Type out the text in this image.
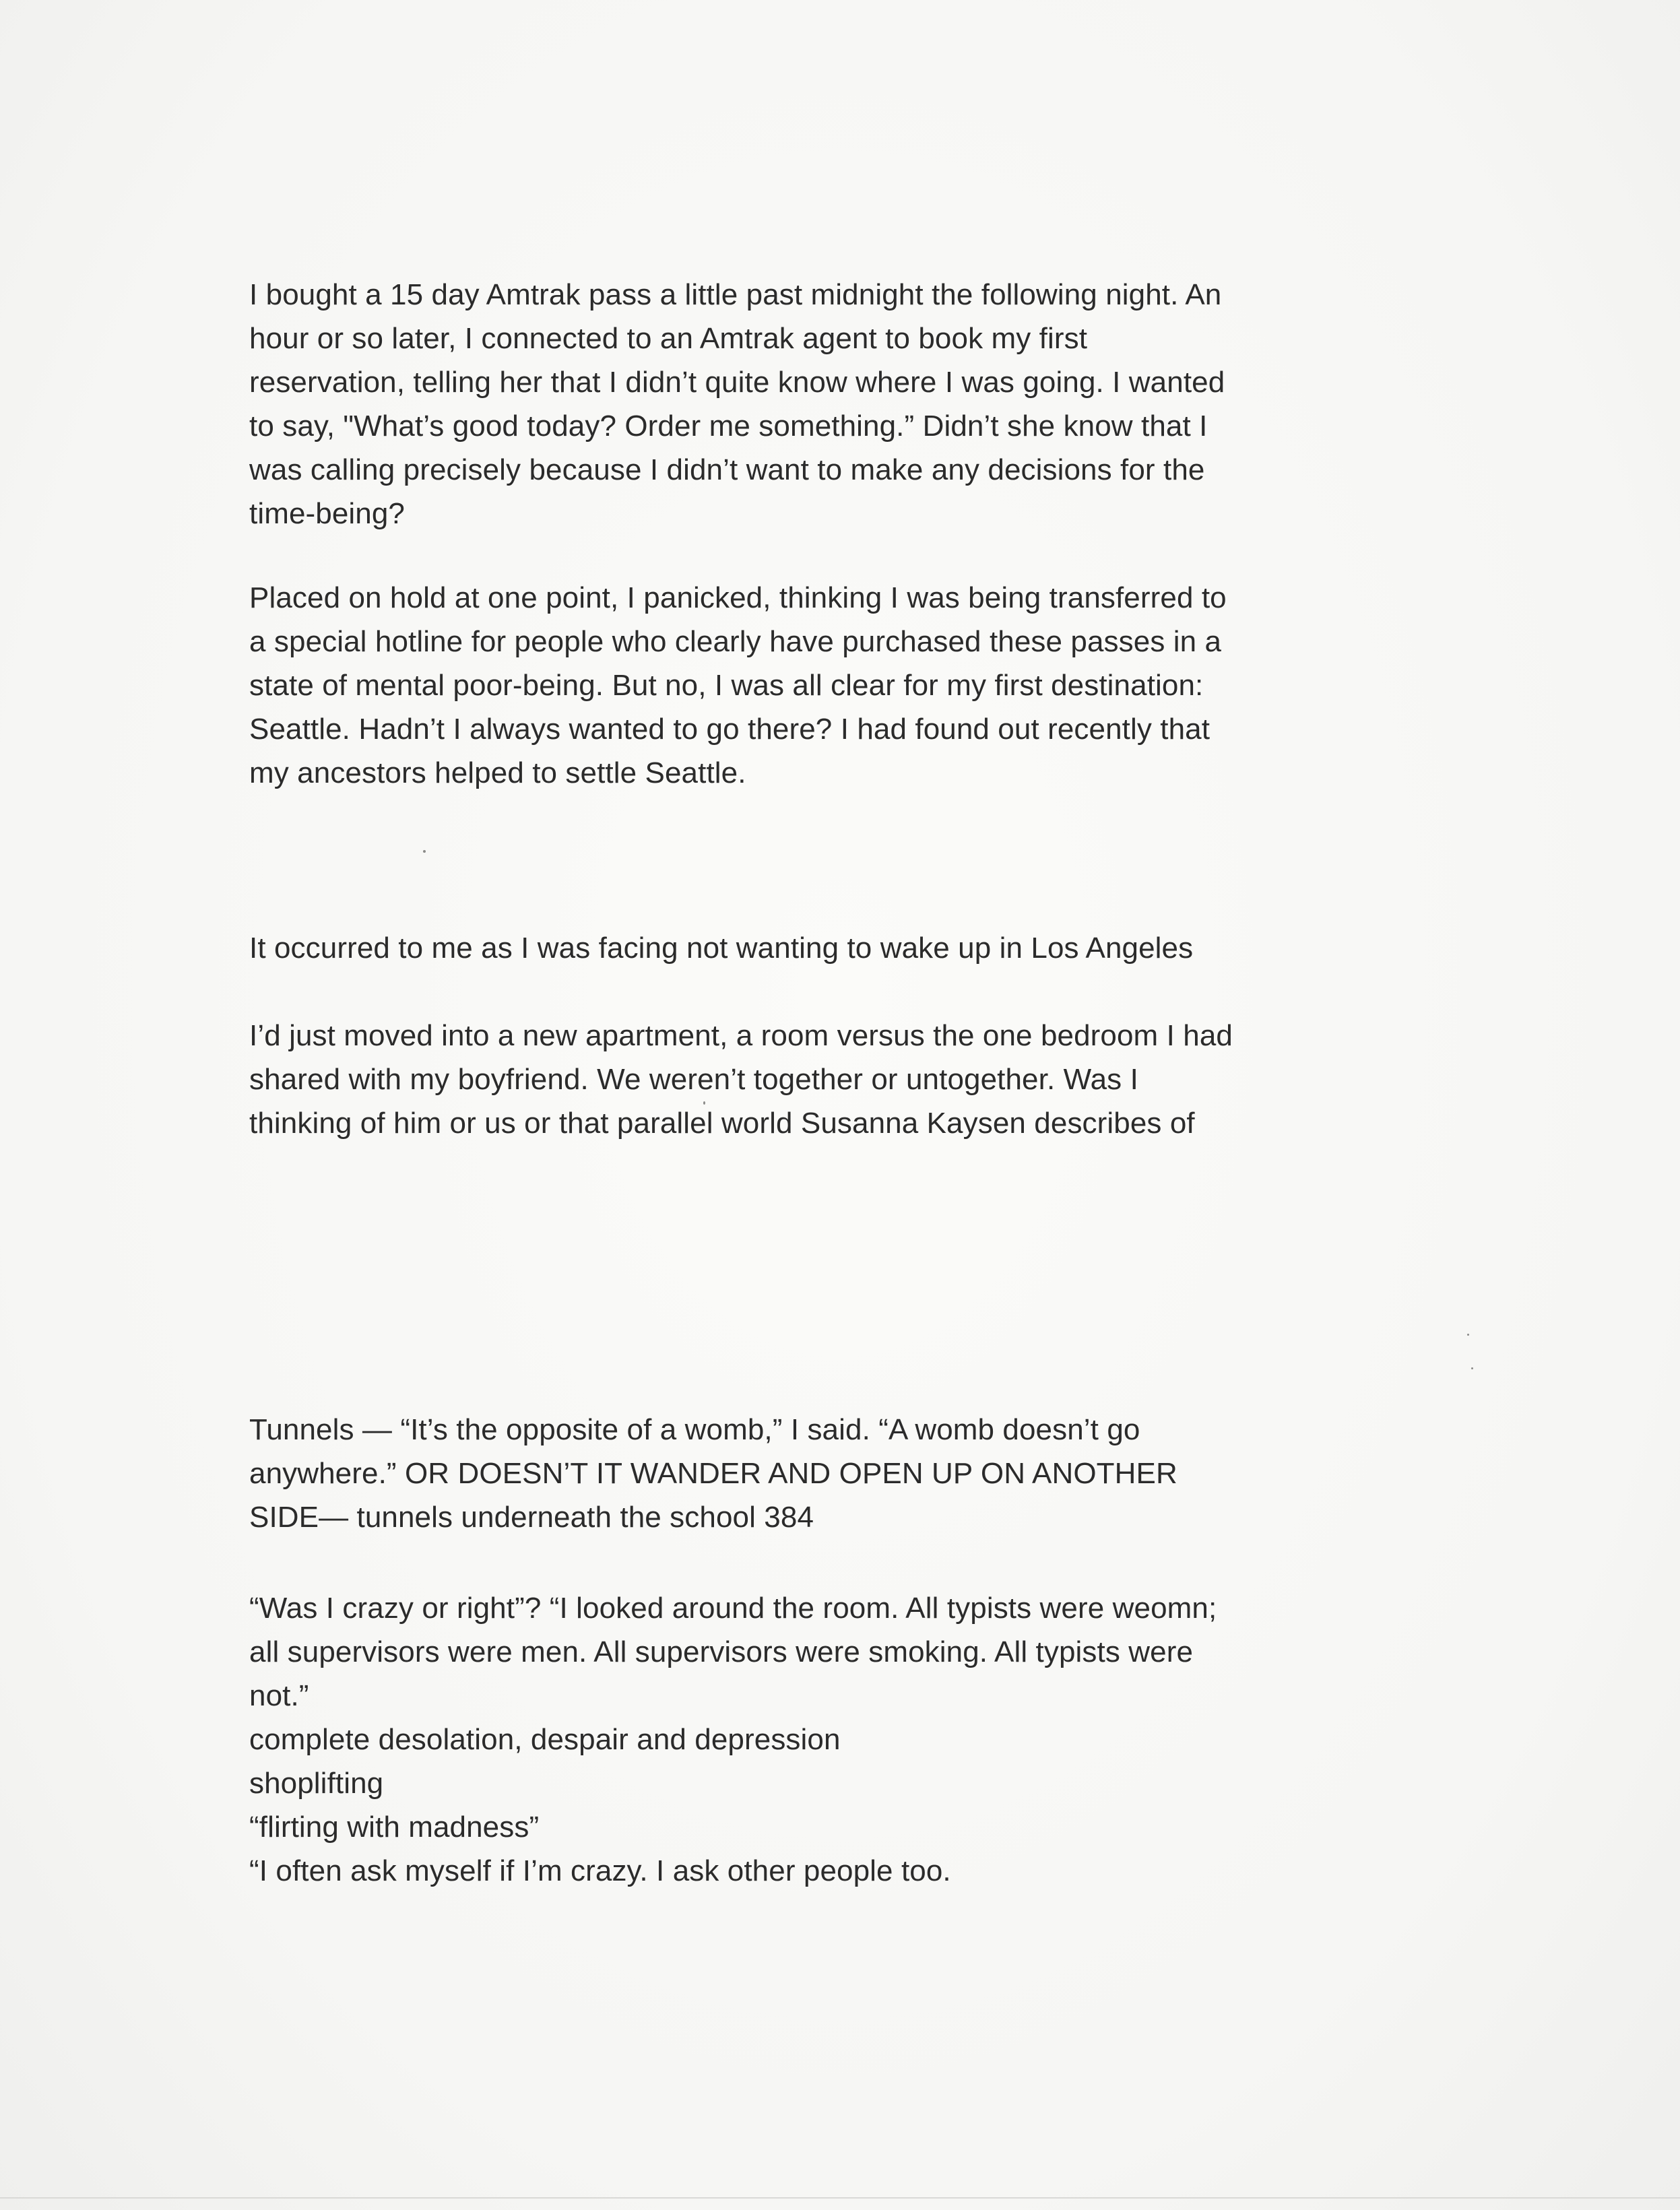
I bought a 15 day Amtrak pass a little past midnight the following night. An
hour or so later, I connected to an Amtrak agent to book my first
reservation, telling her that I didn’t quite know where I was going. I wanted
to say, "What’s good today? Order me something.” Didn’t she know that I
was calling precisely because I didn’t want to make any decisions for the
time-being?
Placed on hold at one point, I panicked, thinking I was being transferred to
a special hotline for people who clearly have purchased these passes in a
state of mental poor-being. But no, I was all clear for my first destination:
Seattle. Hadn’t I always wanted to go there? I had found out recently that
my ancestors helped to settle Seattle.
It occurred to me as I was facing not wanting to wake up in Los Angeles
I’d just moved into a new apartment, a room versus the one bedroom I had
shared with my boyfriend. We weren’t together or untogether. Was I
thinking of him or us or that parallel world Susanna Kaysen describes of
Tunnels — “It’s the opposite of a womb,” I said. “A womb doesn’t go
anywhere.” OR DOESN’T IT WANDER AND OPEN UP ON ANOTHER
SIDE— tunnels underneath the school 384
“Was I crazy or right”? “I looked around the room. All typists were weomn;
all supervisors were men. All supervisors were smoking. All typists were
not.”
complete desolation, despair and depression
shoplifting
“flirting with madness”
“I often ask myself if I’m crazy. I ask other people too.
